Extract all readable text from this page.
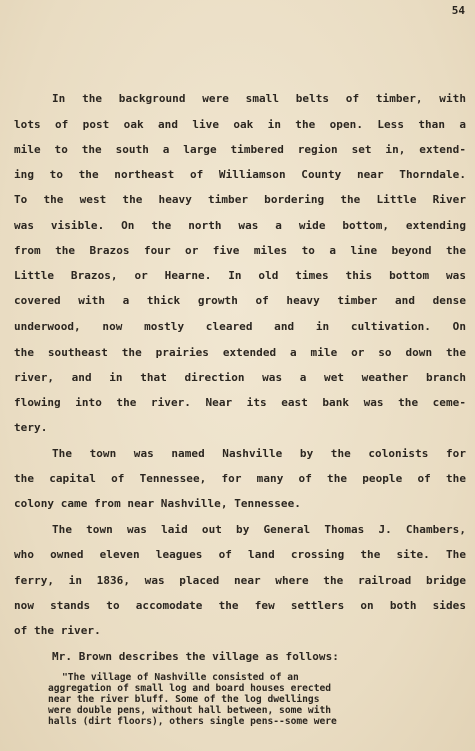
54
In the background were small belts of timber, with
lots of post oak and live oak in the open. Less than a
mile to the south a large timbered region set in, extend-
ing to the northeast of Williamson County near Thorndale.
To the west the heavy timber bordering the Little River
was visible. On the north was a wide bottom, extending
from the Brazos four or five miles to a line beyond the
Little Brazos, or Hearne. In old times this bottom was
covered with a thick growth of heavy timber and dense
underwood, now mostly cleared and in cultivation. On
the southeast the prairies extended a mile or so down the
river, and in that direction was a wet weather branch
flowing into the river. Near its east bank was the ceme-
tery.
The town was named Nashville by the colonists for
the capital of Tennessee, for many of the people of the
colony came from near Nashville, Tennessee.
The town was laid out by General Thomas J. Chambers,
who owned eleven leagues of land crossing the site. The
ferry, in 1836, was placed near where the railroad bridge
now stands to accomodate the few settlers on both sides
of the river.
Mr. Brown describes the village as follows:
"The village of Nashville consisted of an
aggregation of small log and board houses erected
near the river bluff. Some of the log dwellings
were double pens, without hall between, some with
halls (dirt floors), others single pens--some were
